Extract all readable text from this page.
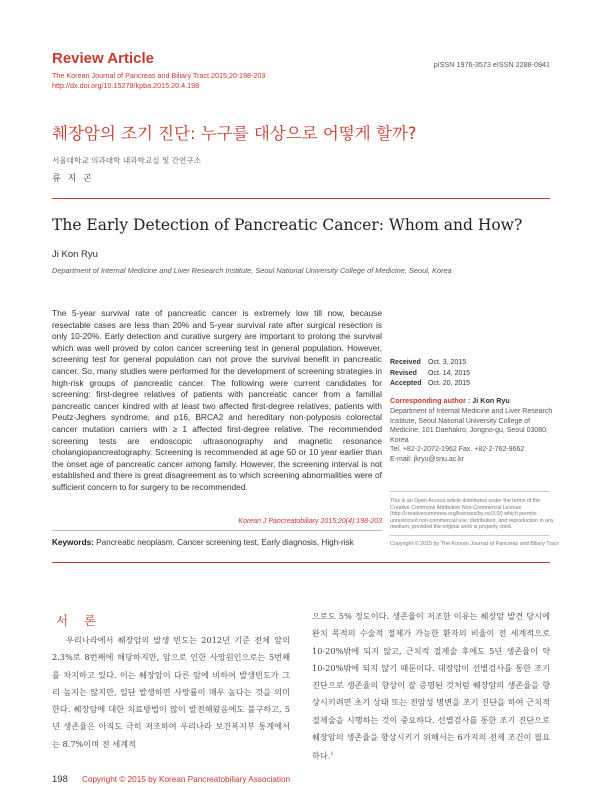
Review Article
The Korean Journal of Pancreas and Biliary Tract 2015;20:198-203
http://dx.doi.org/10.15279/kpba.2015.20.4.198
pISSN 1976-3573 eISSN 2288-0941
췌장암의 조기 진단: 누구를 대상으로 어떻게 할까?
서울대학교 의과대학 내과학교실 및 간연구소
류 지 곤
The Early Detection of Pancreatic Cancer: Whom and How?
Ji Kon Ryu
Department of Internal Medicine and Liver Research Institute, Seoul National University College of Medicine, Seoul, Korea
The 5-year survival rate of pancreatic cancer is extremely low till now, because resectable cases are less than 20% and 5-year survival rate after surgical resection is only 10-20%. Early detection and curative surgery are important to prolong the survival which was well proved by colon cancer screening test in general population. However, screening test for general population can not prove the survival benefit in pancreatic cancer. So, many studies were performed for the development of screening strategies in high-risk groups of pancreatic cancer. The following were current candidates for screening: first-degree relatives of patients with pancreatic cancer from a familial pancreatic cancer kindred with at least two affected first-degree relatives; patients with Peutz-Jeghers syndrome; and p16, BRCA2 and hereditary non-polyposis colorectal cancer mutation carriers with ≥ 1 affected first-degree relative. The recommended screening tests are endoscopic ultrasonography and magnetic resonance cholangiopancreatography. Screening is recommended at age 50 or 10 year earlier than the onset age of pancreatic cancer among family. However, the screening interval is not established and there is great disagreement as to which screening abnormalities were of sufficient concern to for surgery to be recommended.
Korean J Pancreatobiliary 2015;20(4):198-203
Keywords: Pancreatic neoplasm, Cancer screening test, Early diagnosis, High-risk
Received Oct. 3, 2015
Revised Oct. 14, 2015
Accepted Oct. 20, 2015
Corresponding author : Ji Kon Ryu
Department of Internal Medicine and Liver Research Institute, Seoul National University College of Medicine, 101 Daehakro, Jongno-gu, Seoul 03080, Korea
Tel. +82-2-2072-1962 Fax. +82-2-762-9662
E-mail: jkryu@snu.ac.kr
This is an Open Access article distributed under the terms of the Creative Commons Attribution Non-Commercial License (http://creativecommons.org/licenses/by-nc/3.0/) which permits unrestricted non-commercial use, distribution, and reproduction in any medium, provided the original work is properly cited.
Copyright © 2015 by The Korean Journal of Pancreas and Biliary Tract
서 론
우리나라에서 췌장암의 발생 빈도는 2012년 기준 전체 암의 2.3%로 8번째에 해당하지만, 암으로 인한 사망원인으로는 5번째를 차지하고 있다. 이는 췌장암이 다른 암에 비하여 발생빈도가 그리 높지는 않지만, 일단 발생하면 사망률이 매우 높다는 것을 의미한다. 췌장암에 대한 치료방법이 많이 발전해왔음에도 불구하고, 5년 생존율은 아직도 극히 저조하여 우리나라 보건복지부 통계에서는 8.7%이며 전 세계적
으로도 5% 정도이다. 생존율이 저조한 이유는 췌장암 발견 당시에 완치 목적의 수술적 절제가 가능한 환자의 비율이 전 세계적으로 10-20%밖에 되지 않고, 근치적 절제술 후에도 5년 생존율이 약 10-20%밖에 되지 않기 때문이다. 대장암이 선별검사를 통한 조기 진단으로 생존율의 향상이 잘 증명된 것처럼 췌장암의 생존율을 향상시키려면 초기 상태 또는 전암성 병변을 조기 진단을 하여 근치적 절제술을 시행하는 것이 중요하다. 선별검사를 통한 조기 진단으로 췌장암의 생존율을 향상시키기 위해서는 6가지의 전제 조건이 필요하다.$^1$
198 Copyright © 2015 by Korean Pancreatobiliary Association
